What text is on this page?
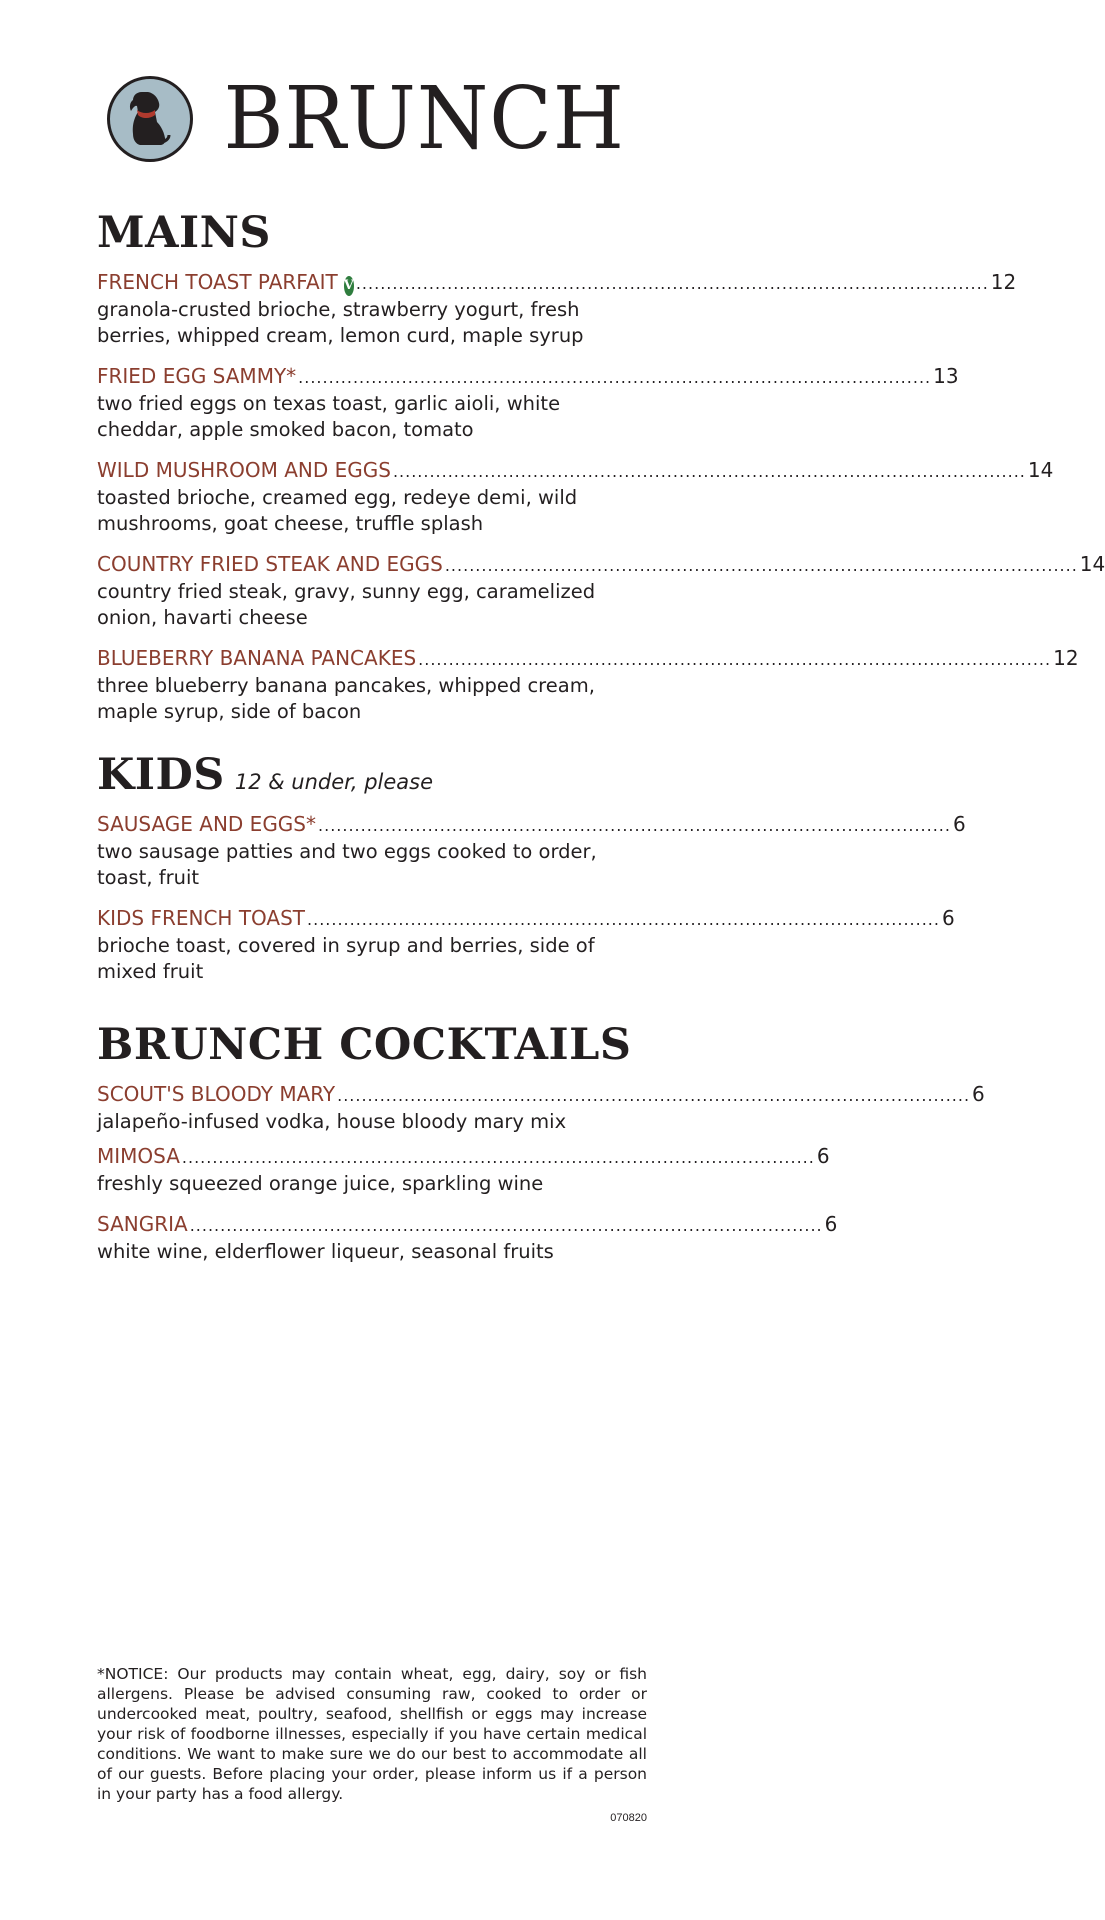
BRUNCH
MAINS
FRENCH TOAST PARFAIT V ........................................................................................................ 12
granola-crusted brioche, strawberry yogurt, fresh berries, whipped cream, lemon curd, maple syrup
FRIED EGG SAMMY* ........................................................................................................ 13
two fried eggs on texas toast, garlic aioli, white cheddar, apple smoked bacon, tomato
WILD MUSHROOM AND EGGS ........................................................................................................ 14
toasted brioche, creamed egg, redeye demi, wild mushrooms, goat cheese, truffle splash
COUNTRY FRIED STEAK AND EGGS ........................................................................................................ 14
country fried steak, gravy, sunny egg, caramelized onion, havarti cheese
BLUEBERRY BANANA PANCAKES ........................................................................................................ 12
three blueberry banana pancakes, whipped cream, maple syrup, side of bacon
KIDS 12 & under, please
SAUSAGE AND EGGS* ........................................................................................................ 6
two sausage patties and two eggs cooked to order, toast, fruit
KIDS FRENCH TOAST ........................................................................................................ 6
brioche toast, covered in syrup and berries, side of mixed fruit
BRUNCH COCKTAILS
SCOUT'S BLOODY MARY ........................................................................................................ 6
jalapeño-infused vodka, house bloody mary mix
MIMOSA ........................................................................................................ 6
freshly squeezed orange juice, sparkling wine
SANGRIA ........................................................................................................ 6
white wine, elderflower liqueur, seasonal fruits
*NOTICE: Our products may contain wheat, egg, dairy, soy or fish allergens. Please be advised consuming raw, cooked to order or undercooked meat, poultry, seafood, shellfish or eggs may increase your risk of foodborne illnesses, especially if you have certain medical conditions. We want to make sure we do our best to accommodate all of our guests. Before placing your order, please inform us if a person in your party has a food allergy.
070820
